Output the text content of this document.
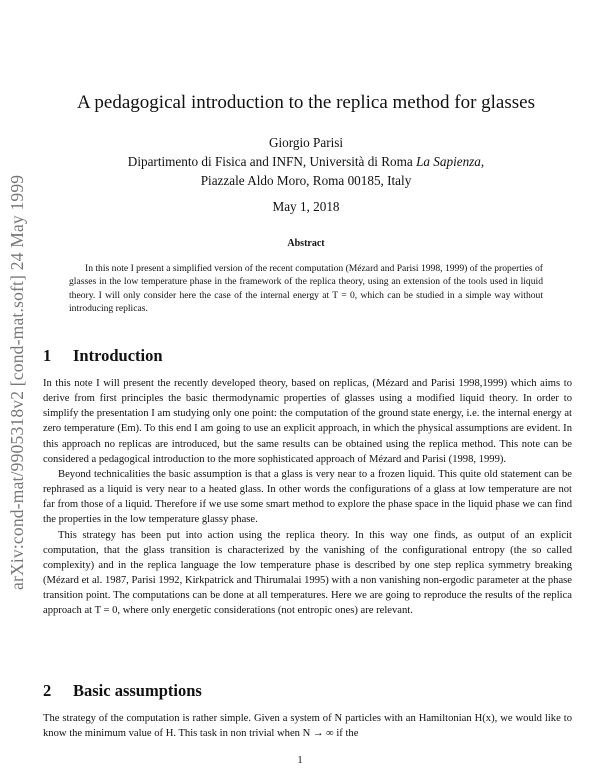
arXiv:cond-mat/9905318v2 [cond-mat.soft] 24 May 1999
A pedagogical introduction to the replica method for glasses
Giorgio Parisi
Dipartimento di Fisica and INFN, Università di Roma La Sapienza,
Piazzale Aldo Moro, Roma 00185, Italy
May 1, 2018
Abstract
In this note I present a simplified version of the recent computation (Mézard and Parisi 1998, 1999) of the properties of glasses in the low temperature phase in the framework of the replica theory, using an extension of the tools used in liquid theory. I will only consider here the case of the internal energy at T = 0, which can be studied in a simple way without introducing replicas.
1 Introduction

In this note I will present the recently developed theory, based on replicas, (Mézard and Parisi 1998,1999) which aims to derive from first principles the basic thermodynamic properties of glasses using a modified liquid theory. In order to simplify the presentation I am studying only one point: the computation of the ground state energy, i.e. the internal energy at zero temperature (Em). To this end I am going to use an explicit approach, in which the physical assumptions are evident. In this approach no replicas are introduced, but the same results can be obtained using the replica method. This note can be considered a pedagogical introduction to the more sophisticated approach of Mézard and Parisi (1998, 1999).

Beyond technicalities the basic assumption is that a glass is very near to a frozen liquid. This quite old statement can be rephrased as a liquid is very near to a heated glass. In other words the configurations of a glass at low temperature are not far from those of a liquid. Therefore if we use some smart method to explore the phase space in the liquid phase we can find the properties in the low temperature glassy phase.

This strategy has been put into action using the replica theory. In this way one finds, as output of an explicit computation, that the glass transition is characterized by the vanishing of the configurational entropy (the so called complexity) and in the replica language the low temperature phase is described by one step replica symmetry breaking (Mézard et al. 1987, Parisi 1992, Kirkpatrick and Thirumalai 1995) with a non vanishing non-ergodic parameter at the phase transition point. The computations can be done at all temperatures. Here we are going to reproduce the results of the replica approach at T = 0, where only energetic considerations (not entropic ones) are relevant.

2 Basic assumptions

The strategy of the computation is rather simple. Given a system of N particles with an Hamiltonian H(x), we would like to know the minimum value of H. This task in non trivial when N → ∞ if the

1
